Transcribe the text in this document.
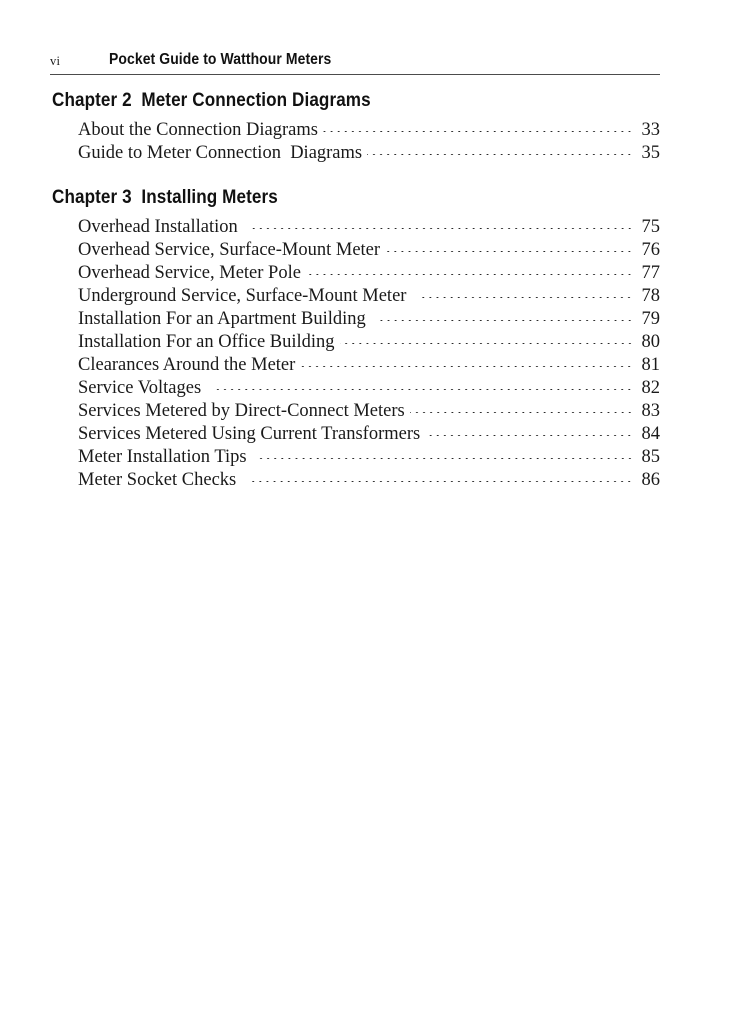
vi	Pocket Guide to Watthour Meters
Chapter 2  Meter Connection Diagrams
About the Connection Diagrams	33
Guide to Meter Connection  Diagrams	35
Chapter 3  Installing Meters
Overhead Installation	75
Overhead Service, Surface-Mount Meter	76
Overhead Service, Meter Pole	77
Underground Service, Surface-Mount Meter	78
Installation For an Apartment Building	79
Installation For an Office Building	80
Clearances Around the Meter	81
Service Voltages	82
Services Metered by Direct-Connect Meters	83
Services Metered Using Current Transformers	84
Meter Installation Tips	85
Meter Socket Checks	86
